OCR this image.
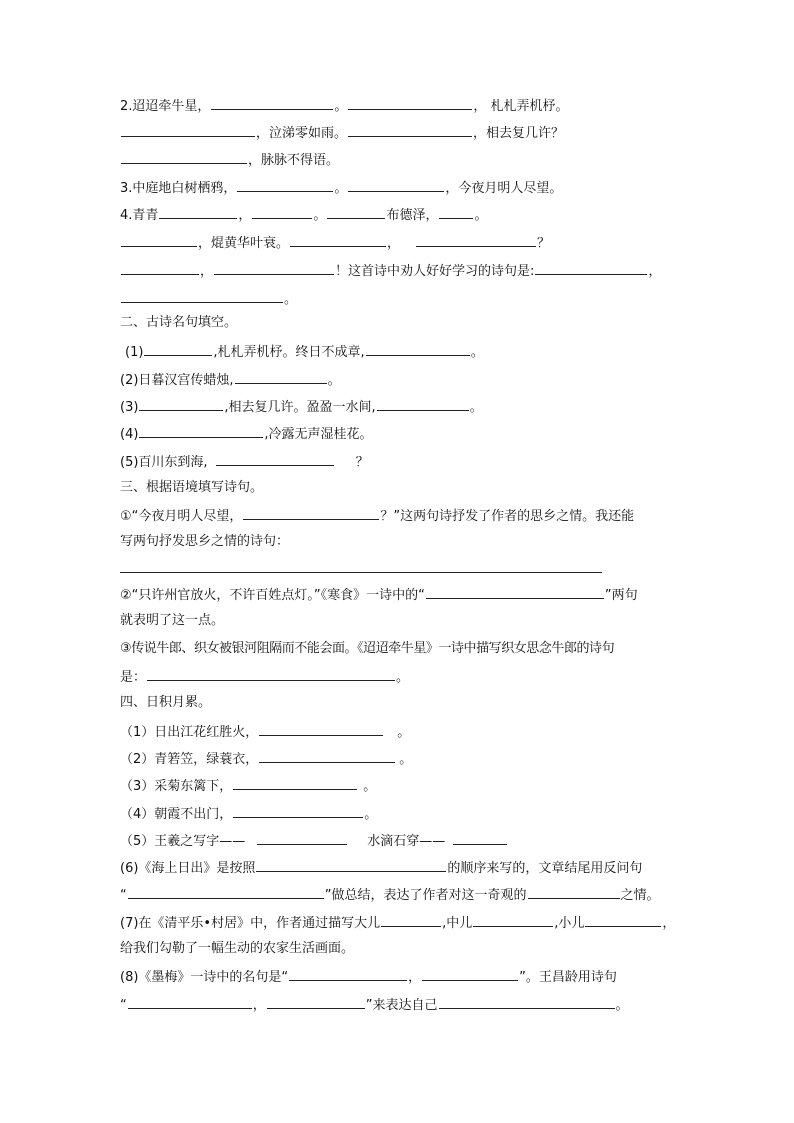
2.迢迢牵牛星，	。	， 札札弄机杼。
，泣涕零如雨。	，相去复几许？
，脉脉不得语。
3.中庭地白树栖鸦，	。	，今夜月明人尽望。
4.青青	，	。	布德泽，	。
，焜黄华叶衰。	，	？
，	！这首诗中劝人好好学习的诗句是:	，
。
二、古诗名句填空。
(1)	,札札弄机杼。终日不成章,	。
(2)日暮汉宫传蜡烛,	。
(3)	,相去复几许。盈盈一水间,	。
(4)	,冷露无声湿桂花。
(5)百川东到海,	？
三、根据语境填写诗句。
①“今夜月明人尽望，	？”这两句诗抒发了作者的思乡之情。我还能
写两句抒发思乡之情的诗句：
②“只许州官放火，不许百姓点灯。”《寒食》一诗中的“	”两句
就表明了这一点。
③传说牛郎、织女被银河阻隔而不能会面。《迢迢牵牛星》一诗中描写织女思念牛郎的诗句
是：	。
四、日积月累。
（1）日出江花红胜火，	。
（2）青箬笠，绿蓑衣，	。
（3）采菊东篱下，	。
（4）朝霞不出门，	。
（5）王羲之写字——	水滴石穿——
(6)《海上日出》是按照	的顺序来写的，文章结尾用反问句
“	”做总结，表达了作者对这一奇观的	之情。
(7)在《清平乐•村居》中，作者通过描写大儿	,中儿	,小儿	，
给我们勾勒了一幅生动的农家生活画面。
(8)《墨梅》一诗中的名句是“	，	”。王昌龄用诗句
“	，	”来表达自己	。
